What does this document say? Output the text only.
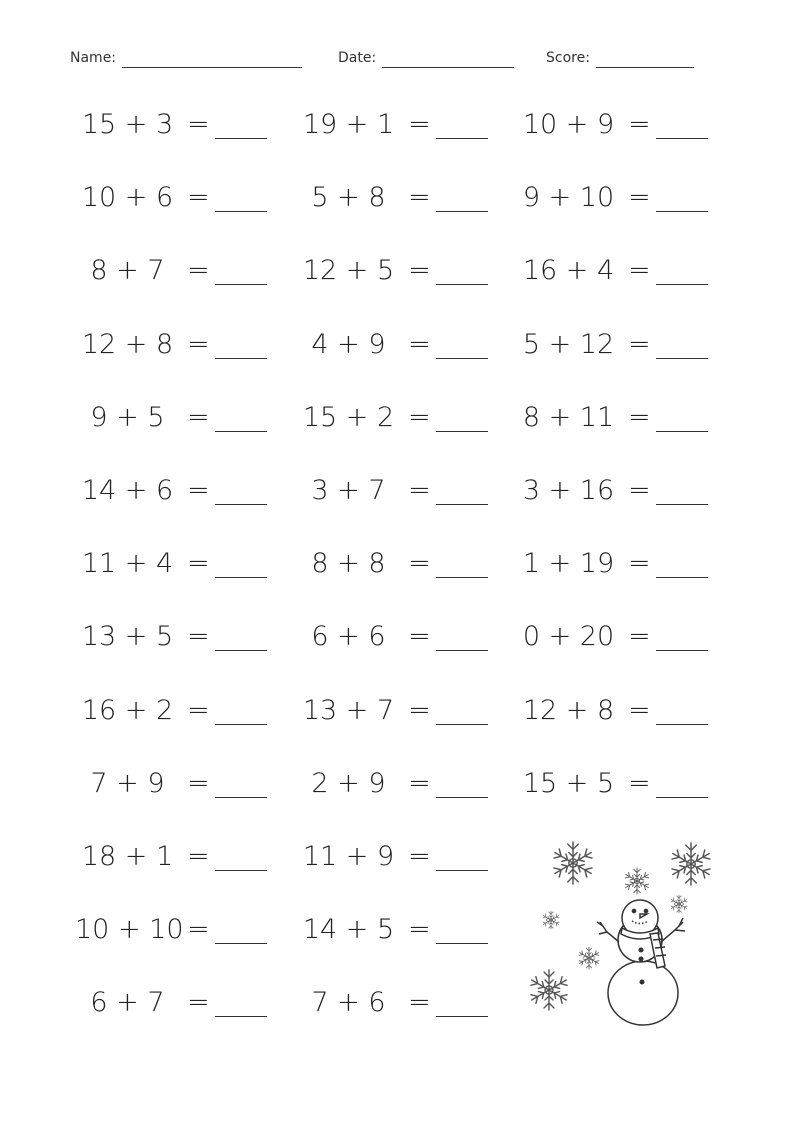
Name:	Date:	Score:
15 + 3 =
10 + 6 =
8 + 7 =
12 + 8 =
9 + 5 =
14 + 6 =
11 + 4 =
13 + 5 =
16 + 2 =
7 + 9 =
18 + 1 =
10 + 10 =
6 + 7 =
19 + 1 =
5 + 8 =
12 + 5 =
4 + 9 =
15 + 2 =
3 + 7 =
8 + 8 =
6 + 6 =
13 + 7 =
2 + 9 =
11 + 9 =
14 + 5 =
7 + 6 =
10 + 9 =
9 + 10 =
16 + 4 =
5 + 12 =
8 + 11 =
3 + 16 =
1 + 19 =
0 + 20 =
12 + 8 =
15 + 5 =
